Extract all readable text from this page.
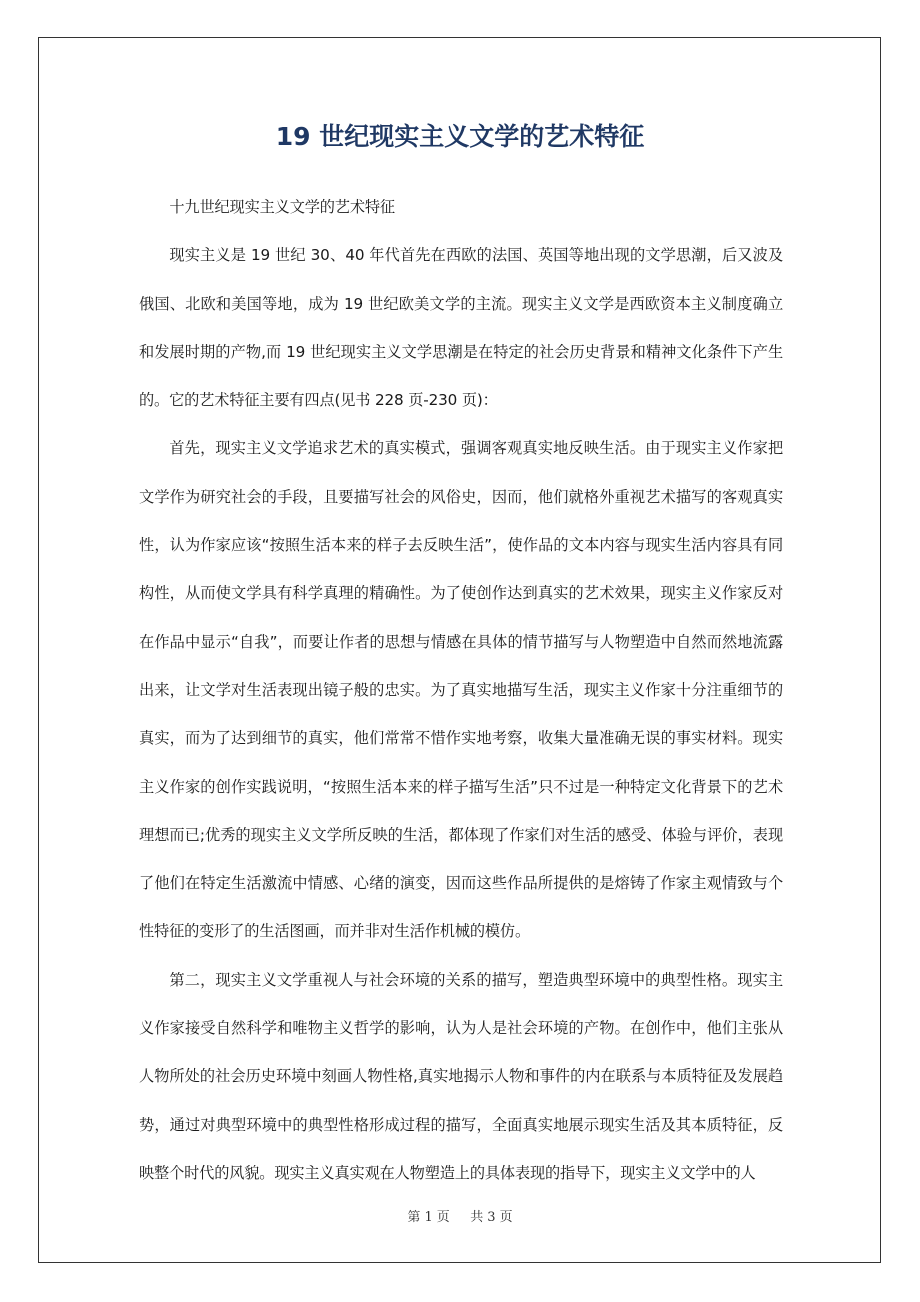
19 世纪现实主义文学的艺术特征

十九世纪现实主义文学的艺术特征

现实主义是 19 世纪 30、40 年代首先在西欧的法国、英国等地出现的文学思潮，后又波及俄国、北欧和美国等地，成为 19 世纪欧美文学的主流。现实主义文学是西欧资本主义制度确立和发展时期的产物,而 19 世纪现实主义文学思潮是在特定的社会历史背景和精神文化条件下产生的。它的艺术特征主要有四点(见书 228 页-230 页)：

首先，现实主义文学追求艺术的真实模式，强调客观真实地反映生活。由于现实主义作家把文学作为研究社会的手段，且要描写社会的风俗史，因而，他们就格外重视艺术描写的客观真实性，认为作家应该“按照生活本来的样子去反映生活”，使作品的文本内容与现实生活内容具有同构性，从而使文学具有科学真理的精确性。为了使创作达到真实的艺术效果，现实主义作家反对在作品中显示“自我”，而要让作者的思想与情感在具体的情节描写与人物塑造中自然而然地流露出来，让文学对生活表现出镜子般的忠实。为了真实地描写生活，现实主义作家十分注重细节的真实，而为了达到细节的真实，他们常常不惜作实地考察，收集大量准确无误的事实材料。现实主义作家的创作实践说明，“按照生活本来的样子描写生活”只不过是一种特定文化背景下的艺术理想而已;优秀的现实主义文学所反映的生活，都体现了作家们对生活的感受、体验与评价，表现了他们在特定生活激流中情感、心绪的演变，因而这些作品所提供的是熔铸了作家主观情致与个性特征的变形了的生活图画，而并非对生活作机械的模仿。

第二，现实主义文学重视人与社会环境的关系的描写，塑造典型环境中的典型性格。现实主义作家接受自然科学和唯物主义哲学的影响，认为人是社会环境的产物。在创作中，他们主张从人物所处的社会历史环境中刻画人物性格,真实地揭示人物和事件的内在联系与本质特征及发展趋势，通过对典型环境中的典型性格形成过程的描写，全面真实地展示现实生活及其本质特征，反映整个时代的风貌。现实主义真实观在人物塑造上的具体表现的指导下，现实主义文学中的人

第 1 页 共 3 页
